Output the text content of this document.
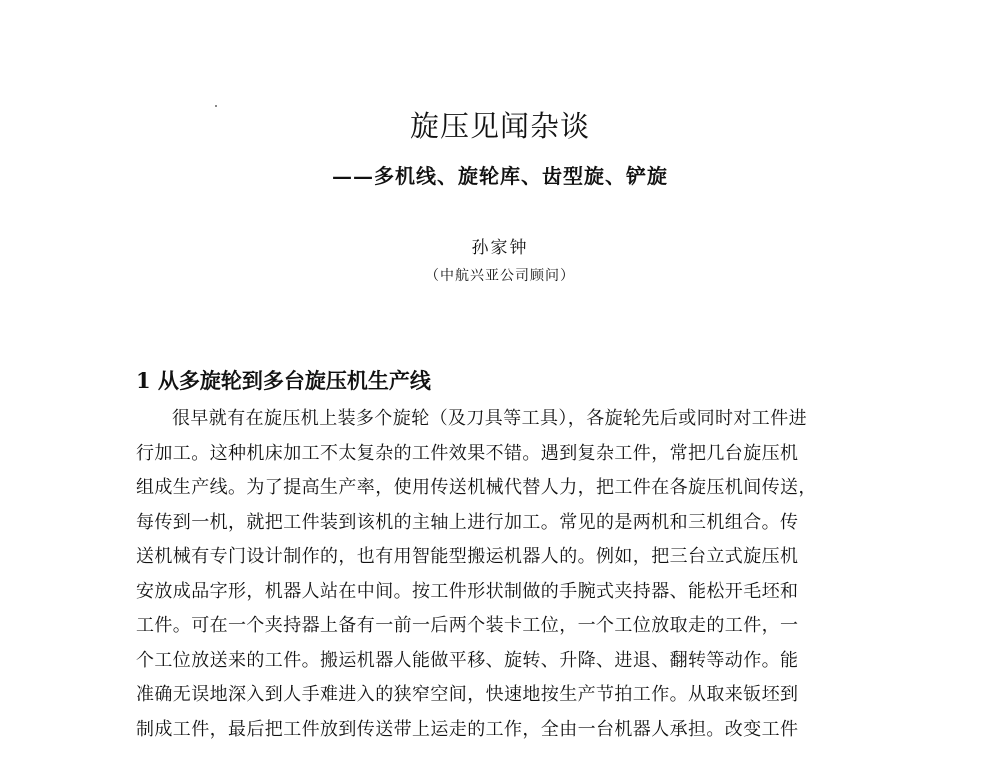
旋压见闻杂谈
——多机线、旋轮库、齿型旋、铲旋
孙家钟
（中航兴亚公司顾问）
1 从多旋轮到多台旋压机生产线
很早就有在旋压机上装多个旋轮（及刀具等工具），各旋轮先后或同时对工件进
行加工。这种机床加工不太复杂的工件效果不错。遇到复杂工件，常把几台旋压机
组成生产线。为了提高生产率，使用传送机械代替人力，把工件在各旋压机间传送，
每传到一机，就把工件装到该机的主轴上进行加工。常见的是两机和三机组合。传
送机械有专门设计制作的，也有用智能型搬运机器人的。例如，把三台立式旋压机
安放成品字形，机器人站在中间。按工件形状制做的手腕式夹持器、能松开毛坯和
工件。可在一个夹持器上备有一前一后两个装卡工位，一个工位放取走的工件，一
个工位放送来的工件。搬运机器人能做平移、旋转、升降、进退、翻转等动作。能
准确无误地深入到人手难进入的狭窄空间，快速地按生产节拍工作。从取来钣坯到
制成工件，最后把工件放到传送带上运走的工作，全由一台机器人承担。改变工件
